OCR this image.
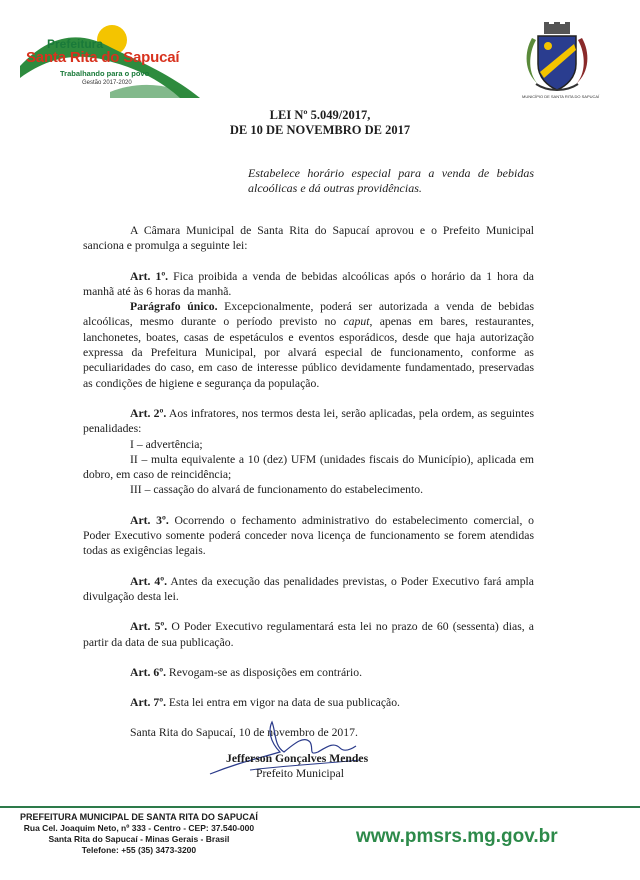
Prefeitura
Santa Rita do Sapucaí
Trabalhando para o povo
Gestão 2017-2020
MUNICÍPIO DE SANTA RITA DO SAPUCAÍ
LEI Nº 5.049/2017,
DE 10 DE NOVEMBRO DE 2017
Estabelece horário especial para a venda de bebidas alcoólicas e dá outras providências.

A Câmara Municipal de Santa Rita do Sapucaí aprovou e o Prefeito Municipal sanciona e promulga a seguinte lei:

Art. 1º. Fica proibida a venda de bebidas alcoólicas após o horário da 1 hora da manhã até às 6 horas da manhã.

Parágrafo único. Excepcionalmente, poderá ser autorizada a venda de bebidas alcoólicas, mesmo durante o período previsto no caput, apenas em bares, restaurantes, lanchonetes, boates, casas de espetáculos e eventos esporádicos, desde que haja autorização expressa da Prefeitura Municipal, por alvará especial de funcionamento, conforme as peculiaridades do caso, em caso de interesse público devidamente fundamentado, preservadas as condições de higiene e segurança da população.

Art. 2º. Aos infratores, nos termos desta lei, serão aplicadas, pela ordem, as seguintes penalidades:

I – advertência;

II – multa equivalente a 10 (dez) UFM (unidades fiscais do Município), aplicada em dobro, em caso de reincidência;

III – cassação do alvará de funcionamento do estabelecimento.

Art. 3º. Ocorrendo o fechamento administrativo do estabelecimento comercial, o Poder Executivo somente poderá conceder nova licença de funcionamento se forem atendidas todas as exigências legais.

Art. 4º. Antes da execução das penalidades previstas, o Poder Executivo fará ampla divulgação desta lei.

Art. 5º. O Poder Executivo regulamentará esta lei no prazo de 60 (sessenta) dias, a partir da data de sua publicação.

Art. 6º. Revogam-se as disposições em contrário.

Art. 7º. Esta lei entra em vigor na data de sua publicação.

Santa Rita do Sapucaí, 10 de novembro de 2017.

Jefferson Gonçalves Mendes
Prefeito Municipal
PREFEITURA MUNICIPAL DE SANTA RITA DO SAPUCAÍ
Rua Cel. Joaquim Neto, nº 333 - Centro - CEP: 37.540-000
Santa Rita do Sapucaí - Minas Gerais - Brasil
Telefone: +55 (35) 3473-3200
www.pmsrs.mg.gov.br
